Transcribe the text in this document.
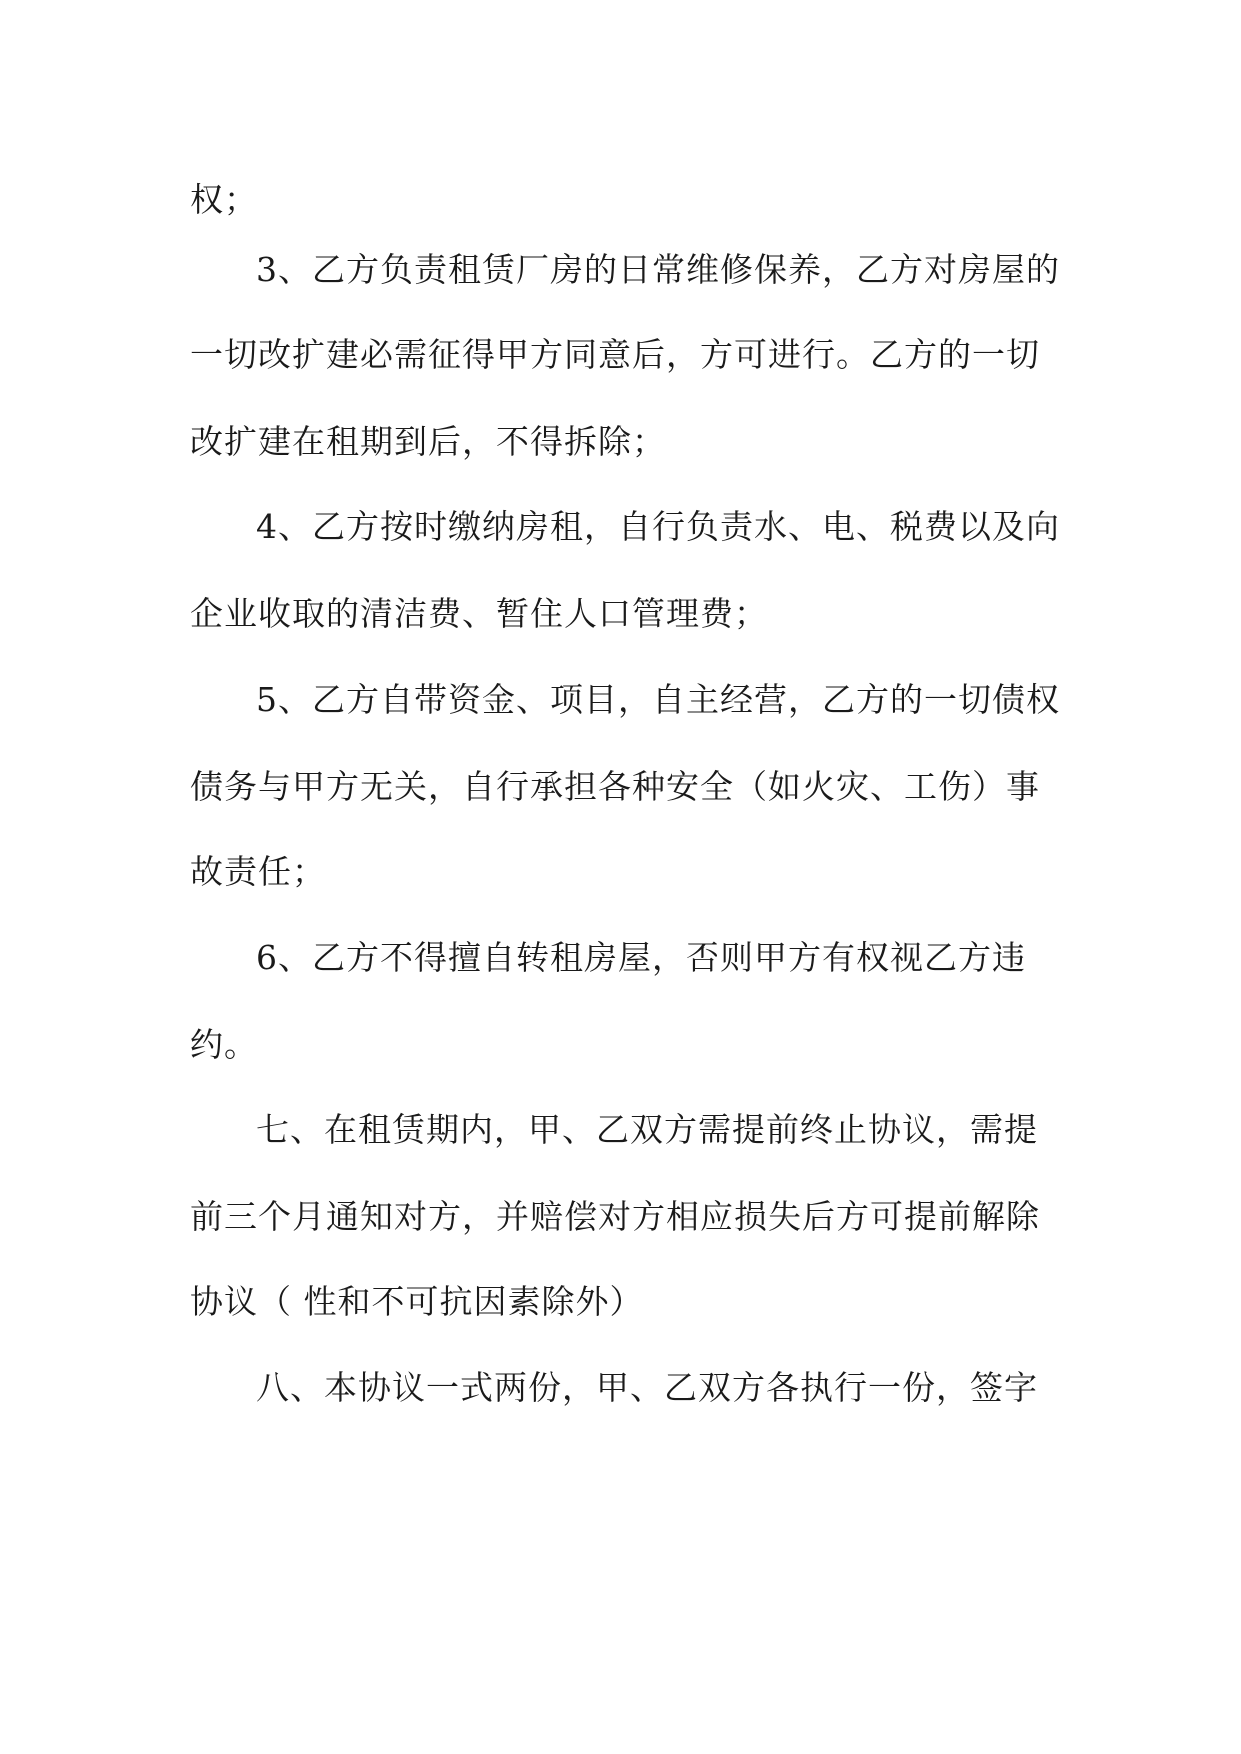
权；
3、乙方负责租赁厂房的日常维修保养，乙方对房屋的
一切改扩建必需征得甲方同意后，方可进行。乙方的一切
改扩建在租期到后，不得拆除；
4、乙方按时缴纳房租，自行负责水、电、税费以及向
企业收取的清洁费、暂住人口管理费；
5、乙方自带资金、项目，自主经营，乙方的一切债权
债务与甲方无关，自行承担各种安全（如火灾、工伤）事
故责任；
6、乙方不得擅自转租房屋，否则甲方有权视乙方违
约。
七、在租赁期内，甲、乙双方需提前终止协议，需提
前三个月通知对方，并赔偿对方相应损失后方可提前解除
协议（ 性和不可抗因素除外）
八、本协议一式两份，甲、乙双方各执行一份，签字
